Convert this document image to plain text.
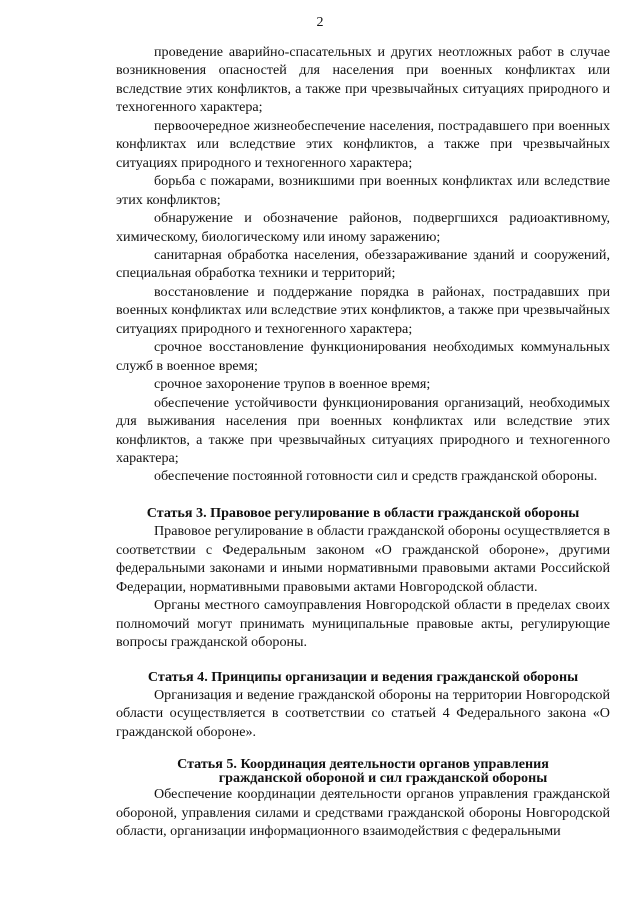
2

проведение аварийно-спасательных и других неотложных работ в случае возникновения опасностей для населения при военных конфликтах или вследствие этих конфликтов, а также при чрезвычайных ситуациях природного и техногенного характера;

первоочередное жизнеобеспечение населения, пострадавшего при военных конфликтах или вследствие этих конфликтов, а также при чрезвычайных ситуациях природного и техногенного характера;

борьба с пожарами, возникшими при военных конфликтах или вследствие этих конфликтов;

обнаружение и обозначение районов, подвергшихся радиоактивному, химическому, биологическому или иному заражению;

санитарная обработка населения, обеззараживание зданий и сооружений, специальная обработка техники и территорий;

восстановление и поддержание порядка в районах, пострадавших при военных конфликтах или вследствие этих конфликтов, а также при чрезвычайных ситуациях природного и техногенного характера;

срочное восстановление функционирования необходимых коммунальных служб в военное время;

срочное захоронение трупов в военное время;

обеспечение устойчивости функционирования организаций, необходимых для выживания населения при военных конфликтах или вследствие этих конфликтов, а также при чрезвычайных ситуациях природного и техногенного характера;

обеспечение постоянной готовности сил и средств гражданской обороны.

Статья 3. Правовое регулирование в области гражданской обороны

Правовое регулирование в области гражданской обороны осуществляется в соответствии с Федеральным законом «О гражданской обороне», другими федеральными законами и иными нормативными правовыми актами Российской Федерации, нормативными правовыми актами Новгородской области.

Органы местного самоуправления Новгородской области в пределах своих полномочий могут принимать муниципальные правовые акты, регулирующие вопросы гражданской обороны.

Статья 4. Принципы организации и ведения гражданской обороны

Организация и ведение гражданской обороны на территории Новгородской области осуществляется в соответствии со статьей 4 Федерального закона «О гражданской обороне».

Статья 5. Координация деятельности органов управления
гражданской обороной и сил гражданской обороны

Обеспечение координации деятельности органов управления гражданской обороной, управления силами и средствами гражданской обороны Новгородской области, организации информационного взаимодействия с федеральными
